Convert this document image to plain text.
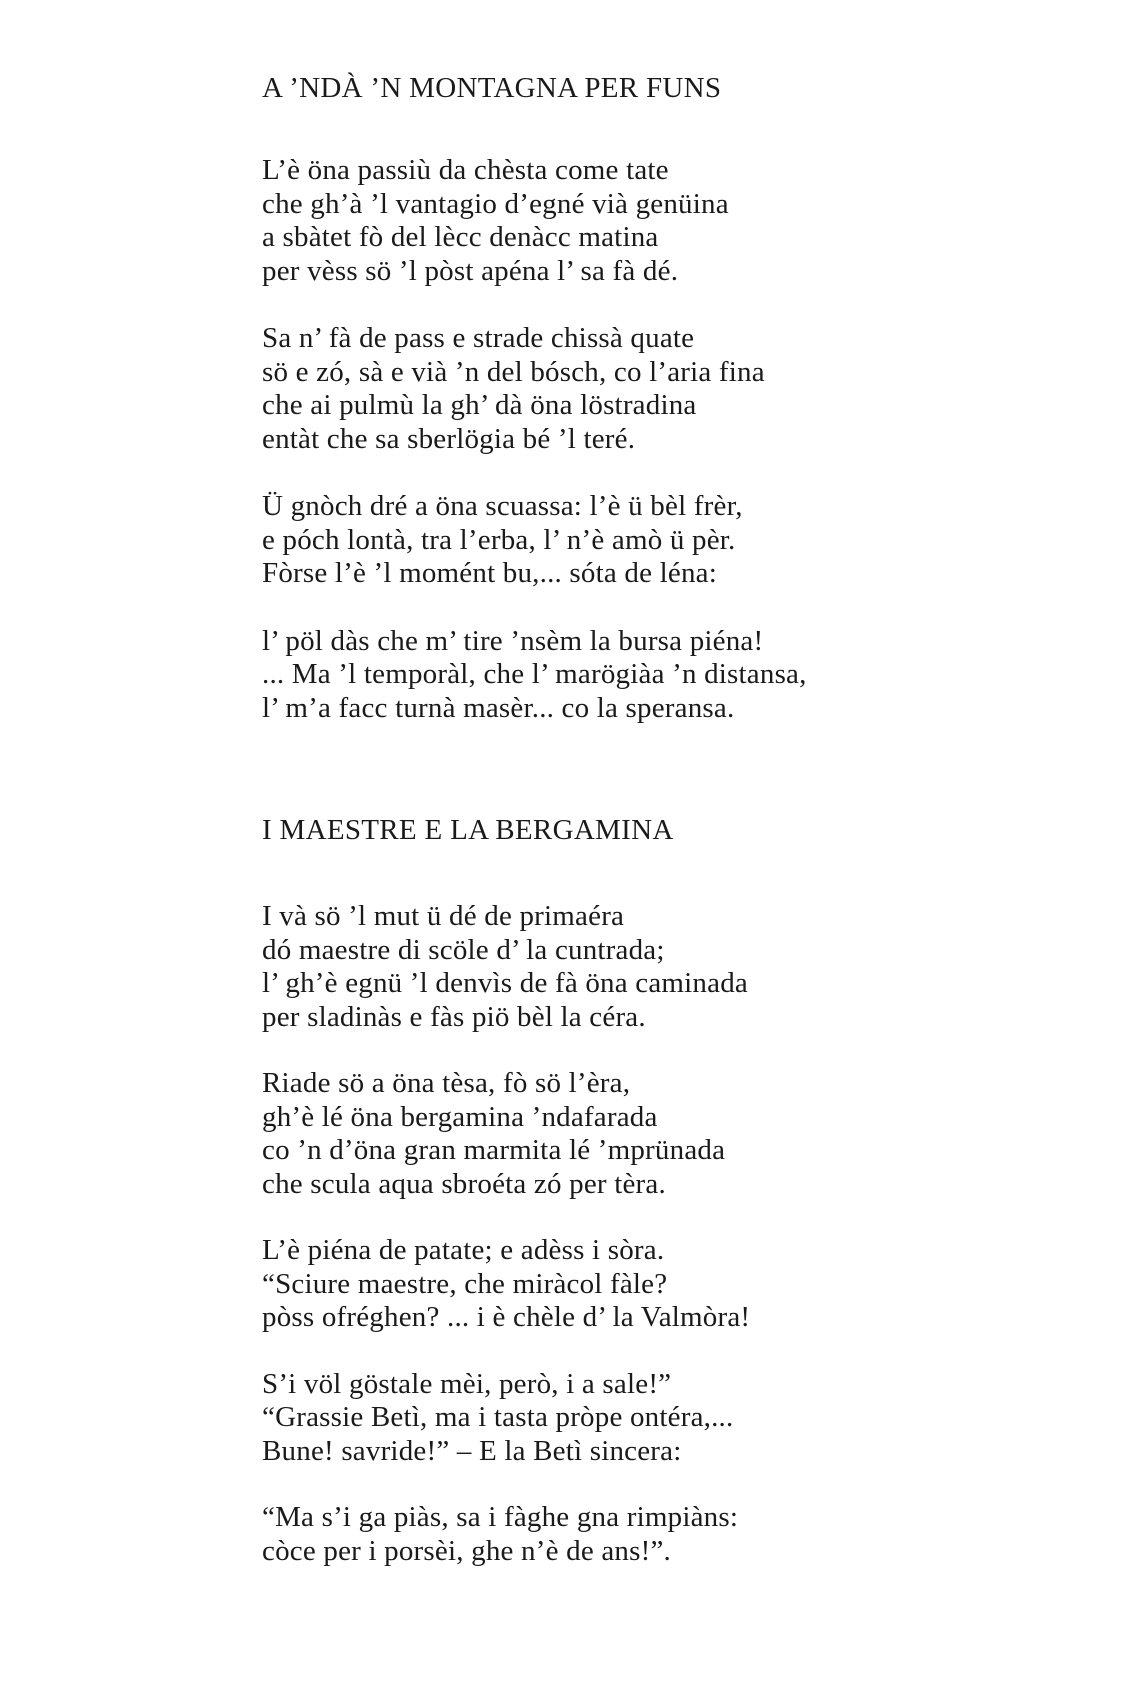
A ’NDÀ ’N MONTAGNA PER FUNS
L’è öna passiù da chèsta come tate
che gh’à ’l vantagio d’egné vià genüina
a sbàtet fò del lècc denàcc matina
per vèss sö ’l pòst apéna l’ sa fà dé.
Sa n’ fà de pass e strade chissà quate
sö e zó, sà e vià ’n del bósch, co l’aria fina
che ai pulmù la gh’ dà öna löstradina
entàt che sa sberlögia bé ’l teré.
Ü gnòch dré a öna scuassa: l’è ü bèl frèr,
e póch lontà, tra l’erba, l’ n’è amò ü pèr.
Fòrse l’è ’l momént bu,... sóta de léna:
l’ pöl dàs che m’ tire ’nsèm la bursa piéna!
... Ma ’l temporàl, che l’ marögiàa ’n distansa,
l’ m’a facc turnà masèr... co la speransa.
I MAESTRE E LA BERGAMINA
I và sö ’l mut ü dé de primaéra
dó maestre di scöle d’ la cuntrada;
l’ gh’è egnü ’l denvìs de fà öna caminada
per sladinàs e fàs piö bèl la céra.
Riade sö a öna tèsa, fò sö l’èra,
gh’è lé öna bergamina ’ndafarada
co ’n d’öna gran marmita lé ’mprünada
che scula aqua sbroéta zó per tèra.
L’è piéna de patate; e adèss i sòra.
“Sciure maestre, che miràcol fàle?
pòss ofréghen? ... i è chèle d’ la Valmòra!
S’i völ göstale mèi, però, i a sale!”
“Grassie Betì, ma i tasta pròpe ontéra,...
Bune! savride!” – E la Betì sincera:
“Ma s’i ga piàs, sa i fàghe gna rimpiàns:
còce per i porsèi, ghe n’è de ans!”.
